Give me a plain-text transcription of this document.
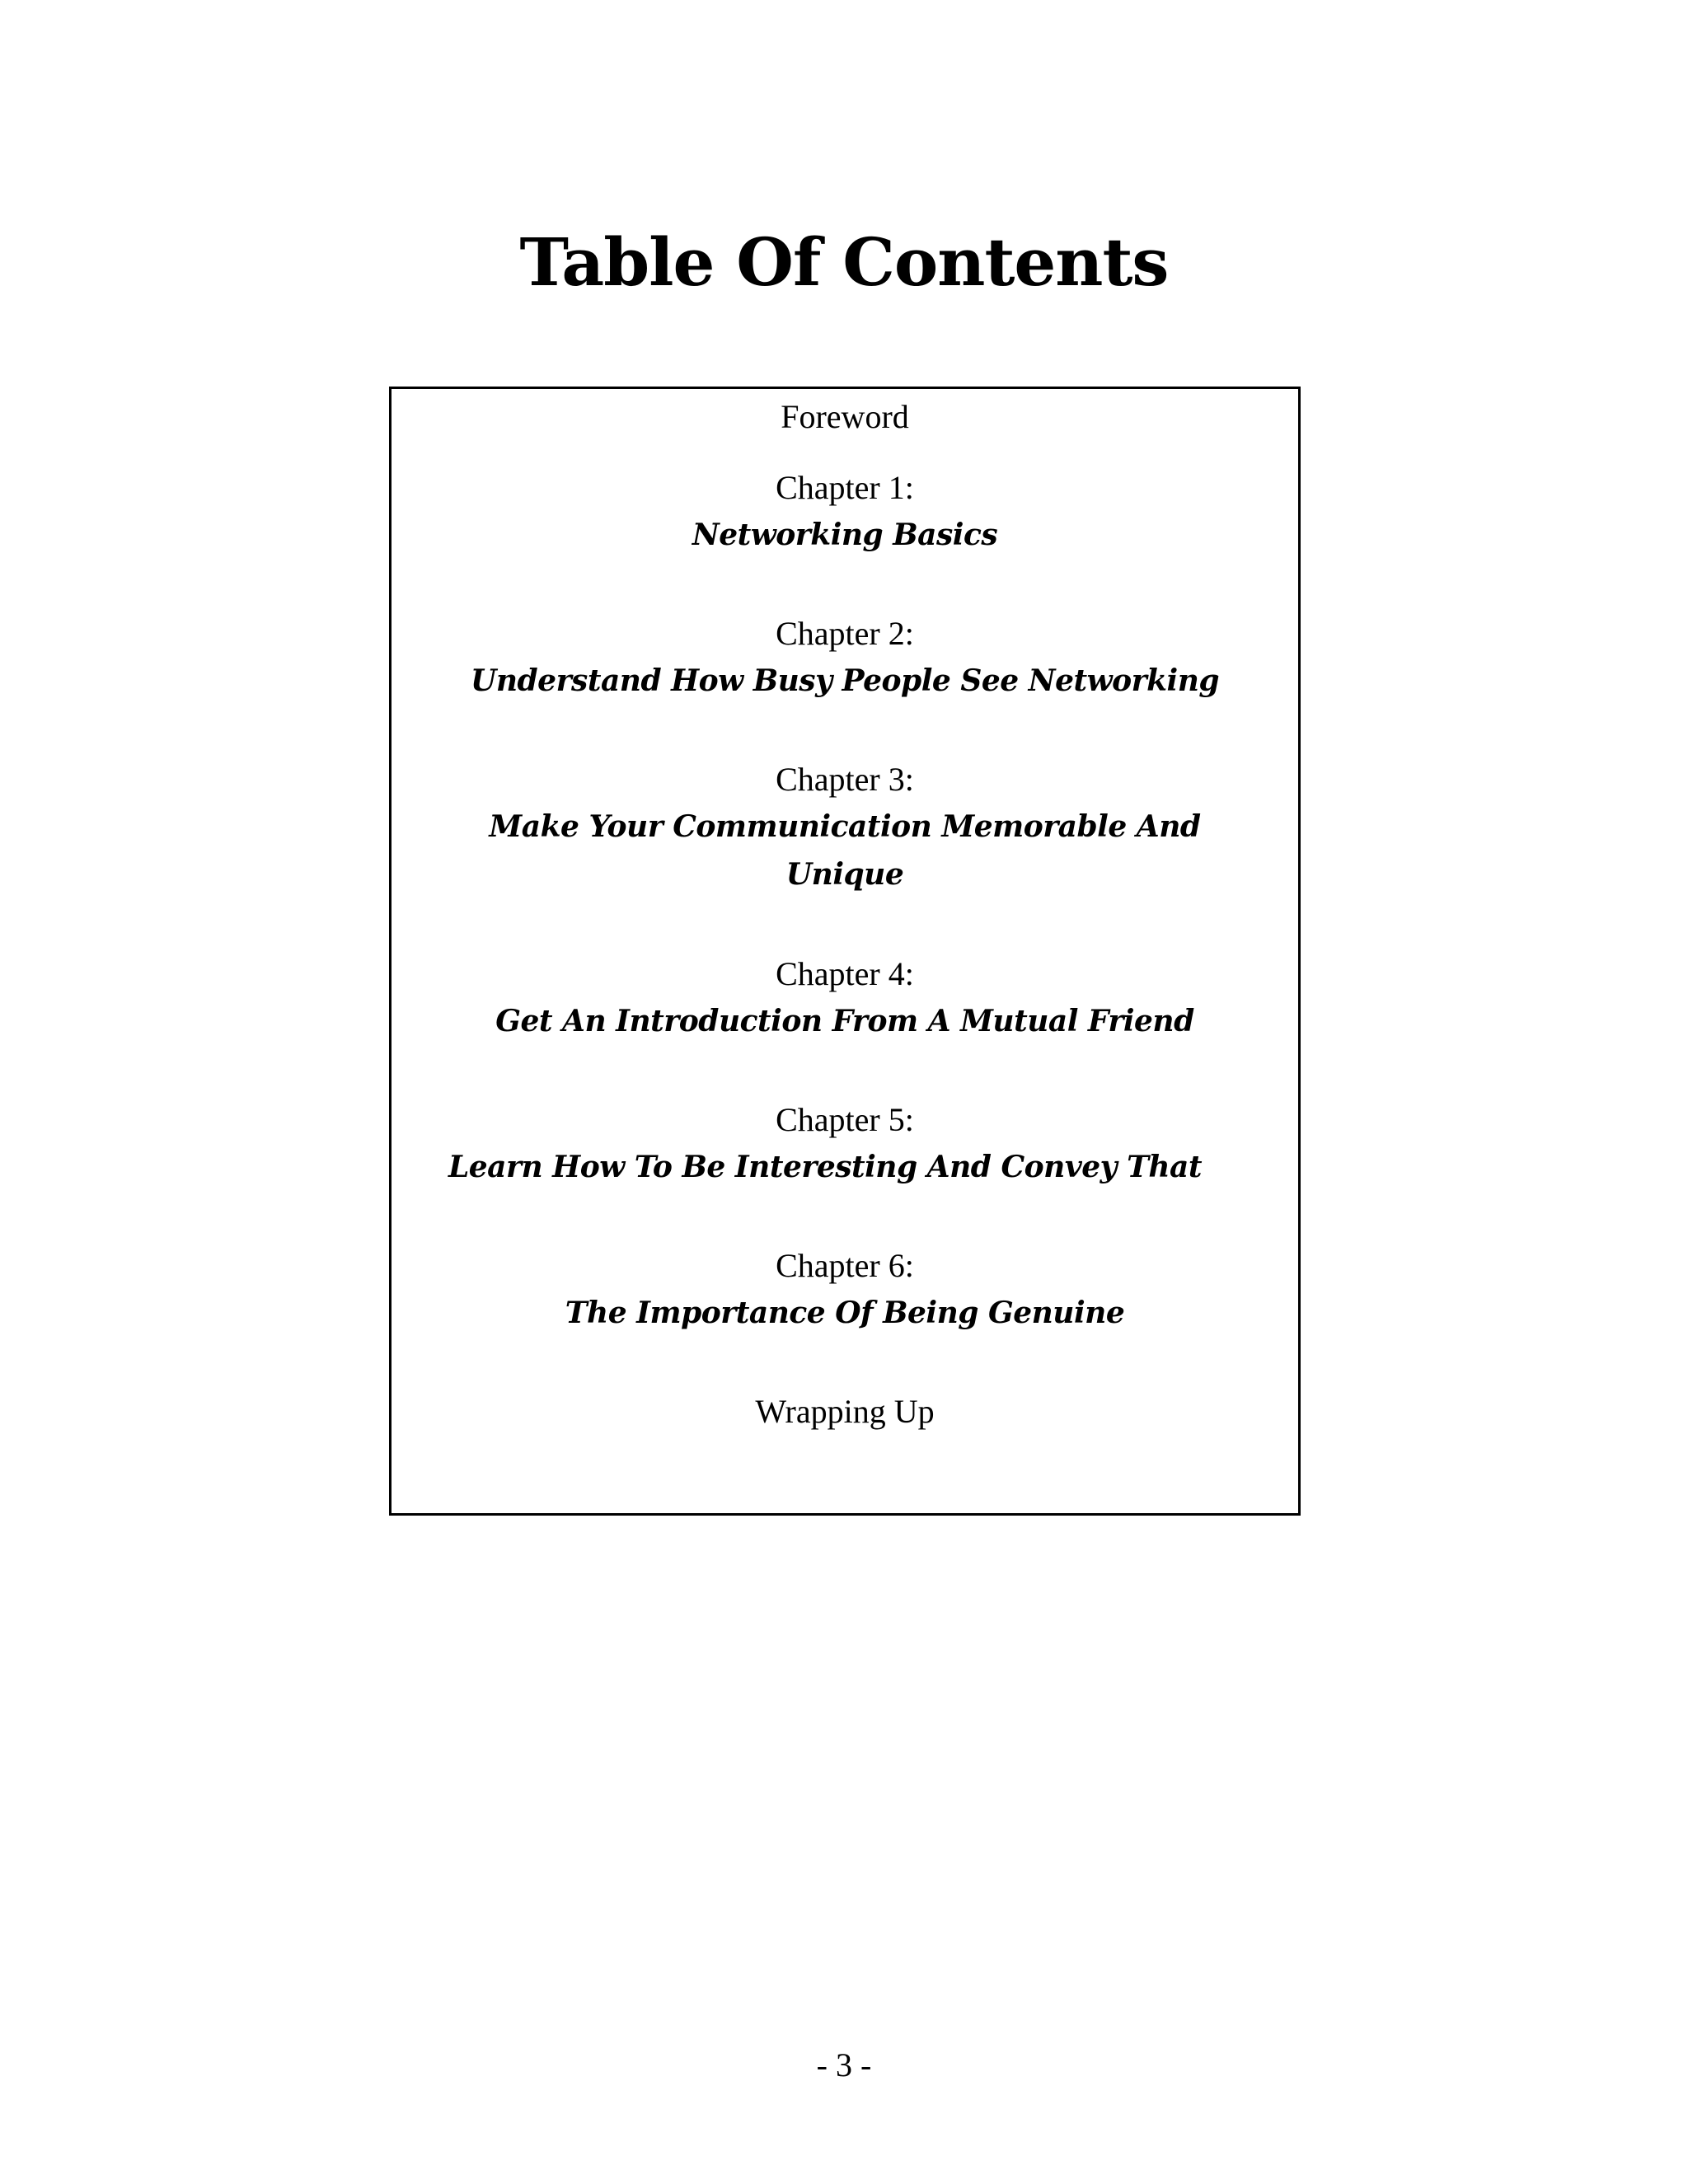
Table Of Contents
Foreword
Chapter 1:
Networking Basics
Chapter 2:
Understand How Busy People See Networking
Chapter 3:
Make Your Communication Memorable And Unique
Chapter 4:
Get An Introduction From A Mutual Friend
Chapter 5:
Learn How To Be Interesting And Convey That
Chapter 6:
The Importance Of Being Genuine
Wrapping Up
- 3 -
